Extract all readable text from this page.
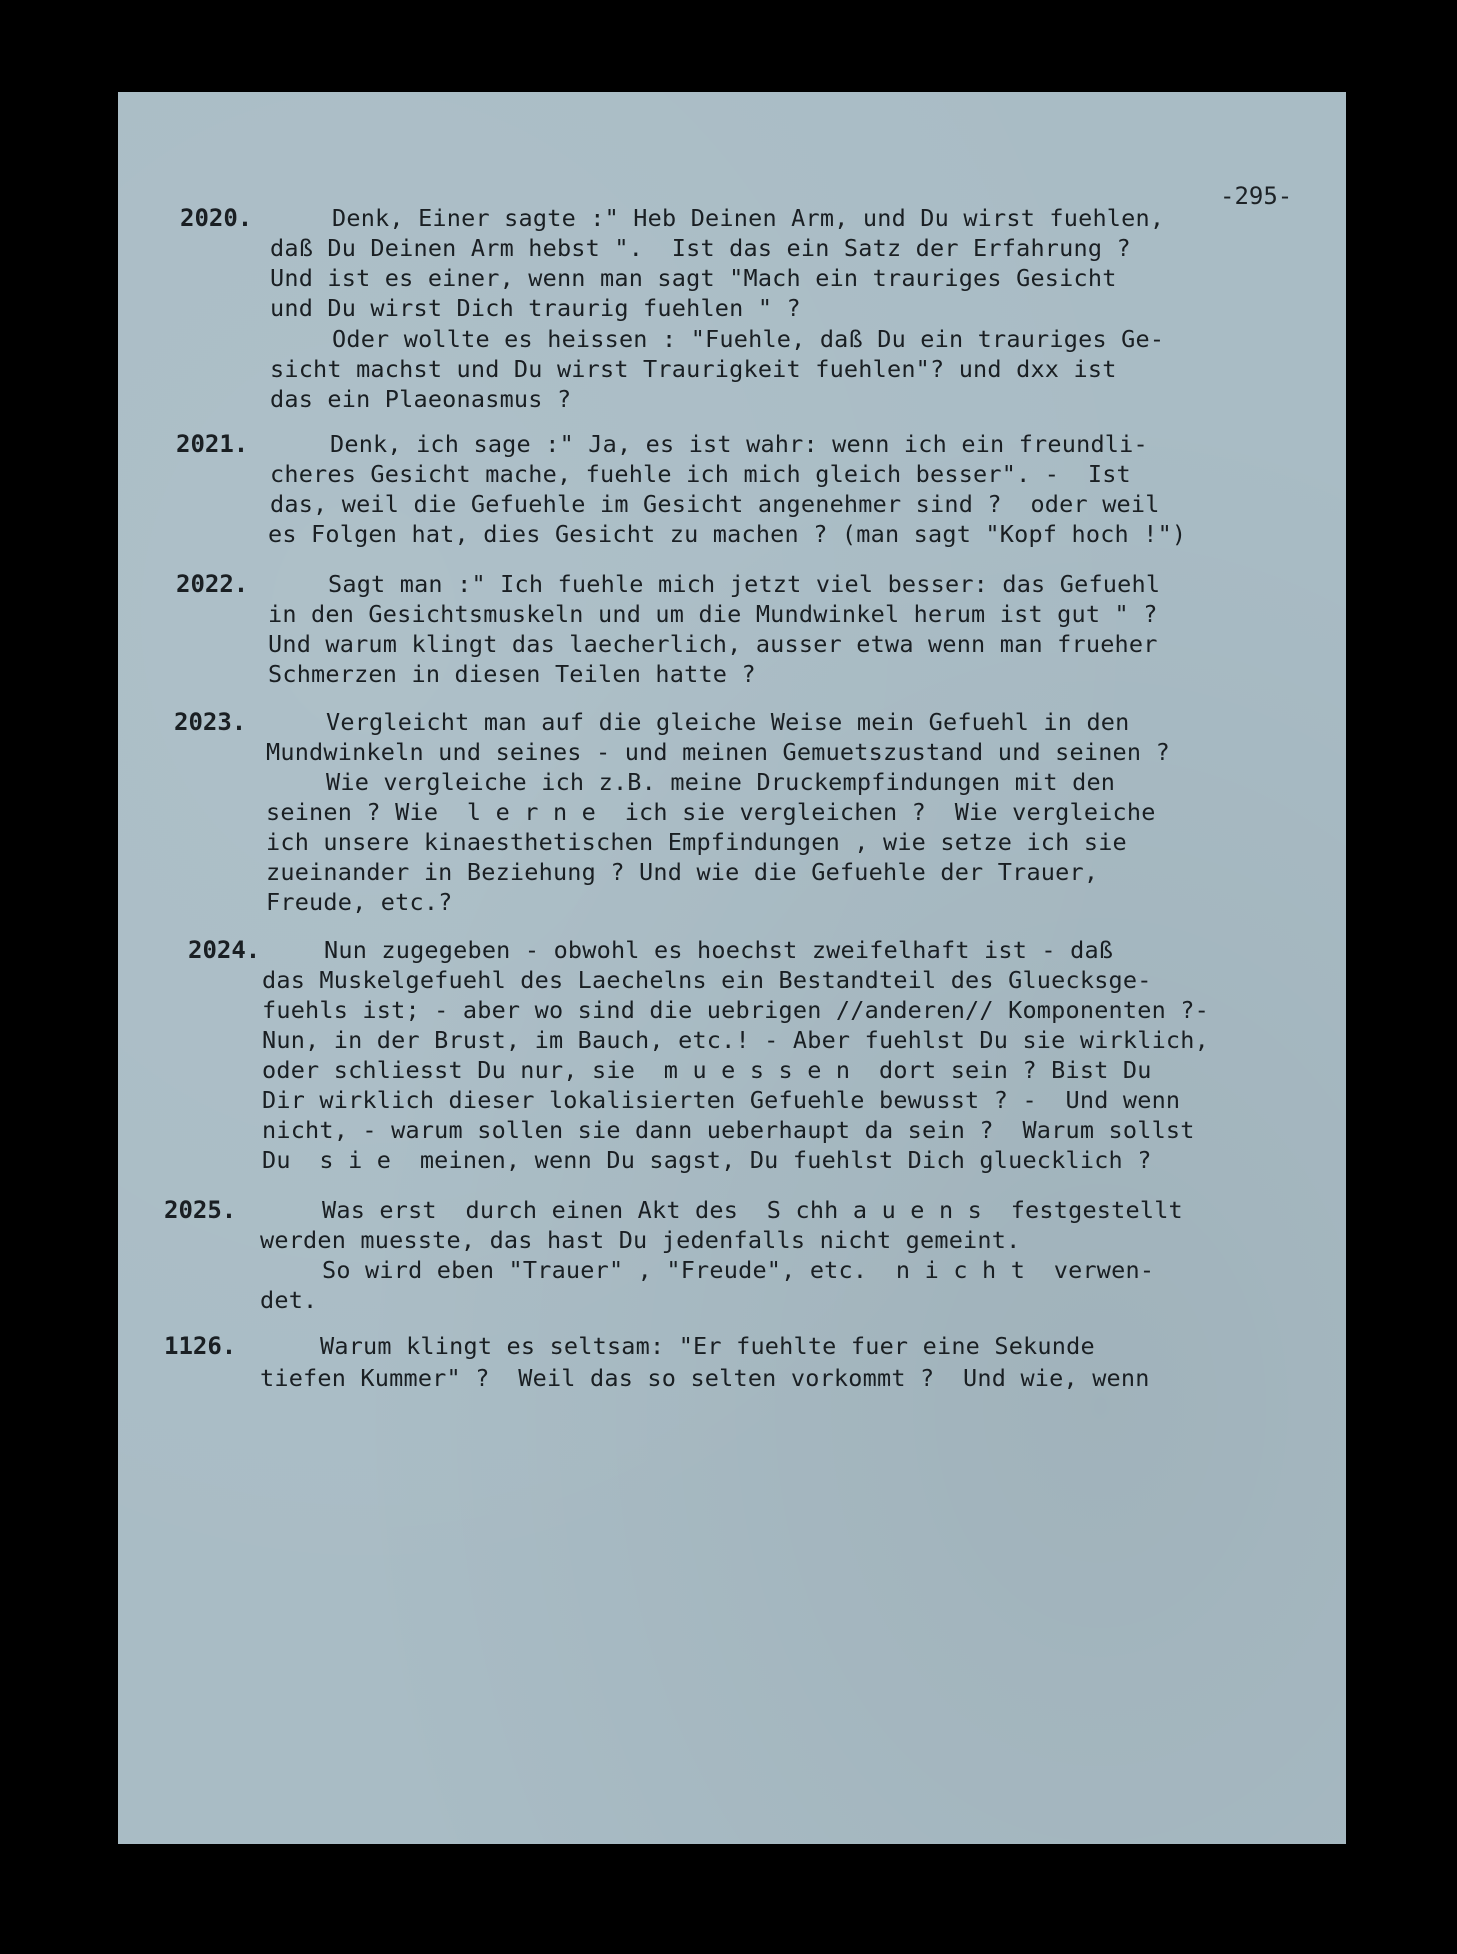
-295-
2020.	Denk, Einer sagte :" Heb Deinen Arm, und Du wirst fuehlen,
daß Du Deinen Arm hebst ".  Ist das ein Satz der Erfahrung ?
Und ist es einer, wenn man sagt "Mach ein trauriges Gesicht
und Du wirst Dich traurig fuehlen " ?
Oder wollte es heissen : "Fuehle, daß Du ein trauriges Ge-
sicht machst und Du wirst Traurigkeit fuehlen"? und dxx ist
das ein Plaeonasmus ?
2021.	Denk, ich sage :" Ja, es ist wahr: wenn ich ein freundli-
cheres Gesicht mache, fuehle ich mich gleich besser". -  Ist
das, weil die Gefuehle im Gesicht angenehmer sind ?  oder weil
es Folgen hat, dies Gesicht zu machen ? (man sagt "Kopf hoch !")
2022.	Sagt man :" Ich fuehle mich jetzt viel besser: das Gefuehl
in den Gesichtsmuskeln und um die Mundwinkel herum ist gut " ?
Und warum klingt das laecherlich, ausser etwa wenn man frueher
Schmerzen in diesen Teilen hatte ?
2023.	Vergleicht man auf die gleiche Weise mein Gefuehl in den
Mundwinkeln und seines - und meinen Gemuetszustand und seinen ?
Wie vergleiche ich z.B. meine Druckempfindungen mit den
seinen ? Wie  l e r n e  ich sie vergleichen ?  Wie vergleiche
ich unsere kinaesthetischen Empfindungen , wie setze ich sie
zueinander in Beziehung ? Und wie die Gefuehle der Trauer,
Freude, etc.?
2024.	Nun zugegeben - obwohl es hoechst zweifelhaft ist - daß
das Muskelgefuehl des Laechelns ein Bestandteil des Gluecksge-
fuehls ist; - aber wo sind die uebrigen //anderen// Komponenten ?-
Nun, in der Brust, im Bauch, etc.! - Aber fuehlst Du sie wirklich,
oder schliesst Du nur, sie  m u e s s e n  dort sein ? Bist Du
Dir wirklich dieser lokalisierten Gefuehle bewusst ? -  Und wenn
nicht, - warum sollen sie dann ueberhaupt da sein ?  Warum sollst
Du  s i e  meinen, wenn Du sagst, Du fuehlst Dich gluecklich ?
2025.	Was erst  durch einen Akt des  S chh a u e n s  festgestellt
werden muesste, das hast Du jedenfalls nicht gemeint.
So wird eben "Trauer" , "Freude", etc.  n i c h t  verwen-
det.
1126.	Warum klingt es seltsam: "Er fuehlte fuer eine Sekunde
tiefen Kummer" ?  Weil das so selten vorkommt ?  Und wie, wenn
